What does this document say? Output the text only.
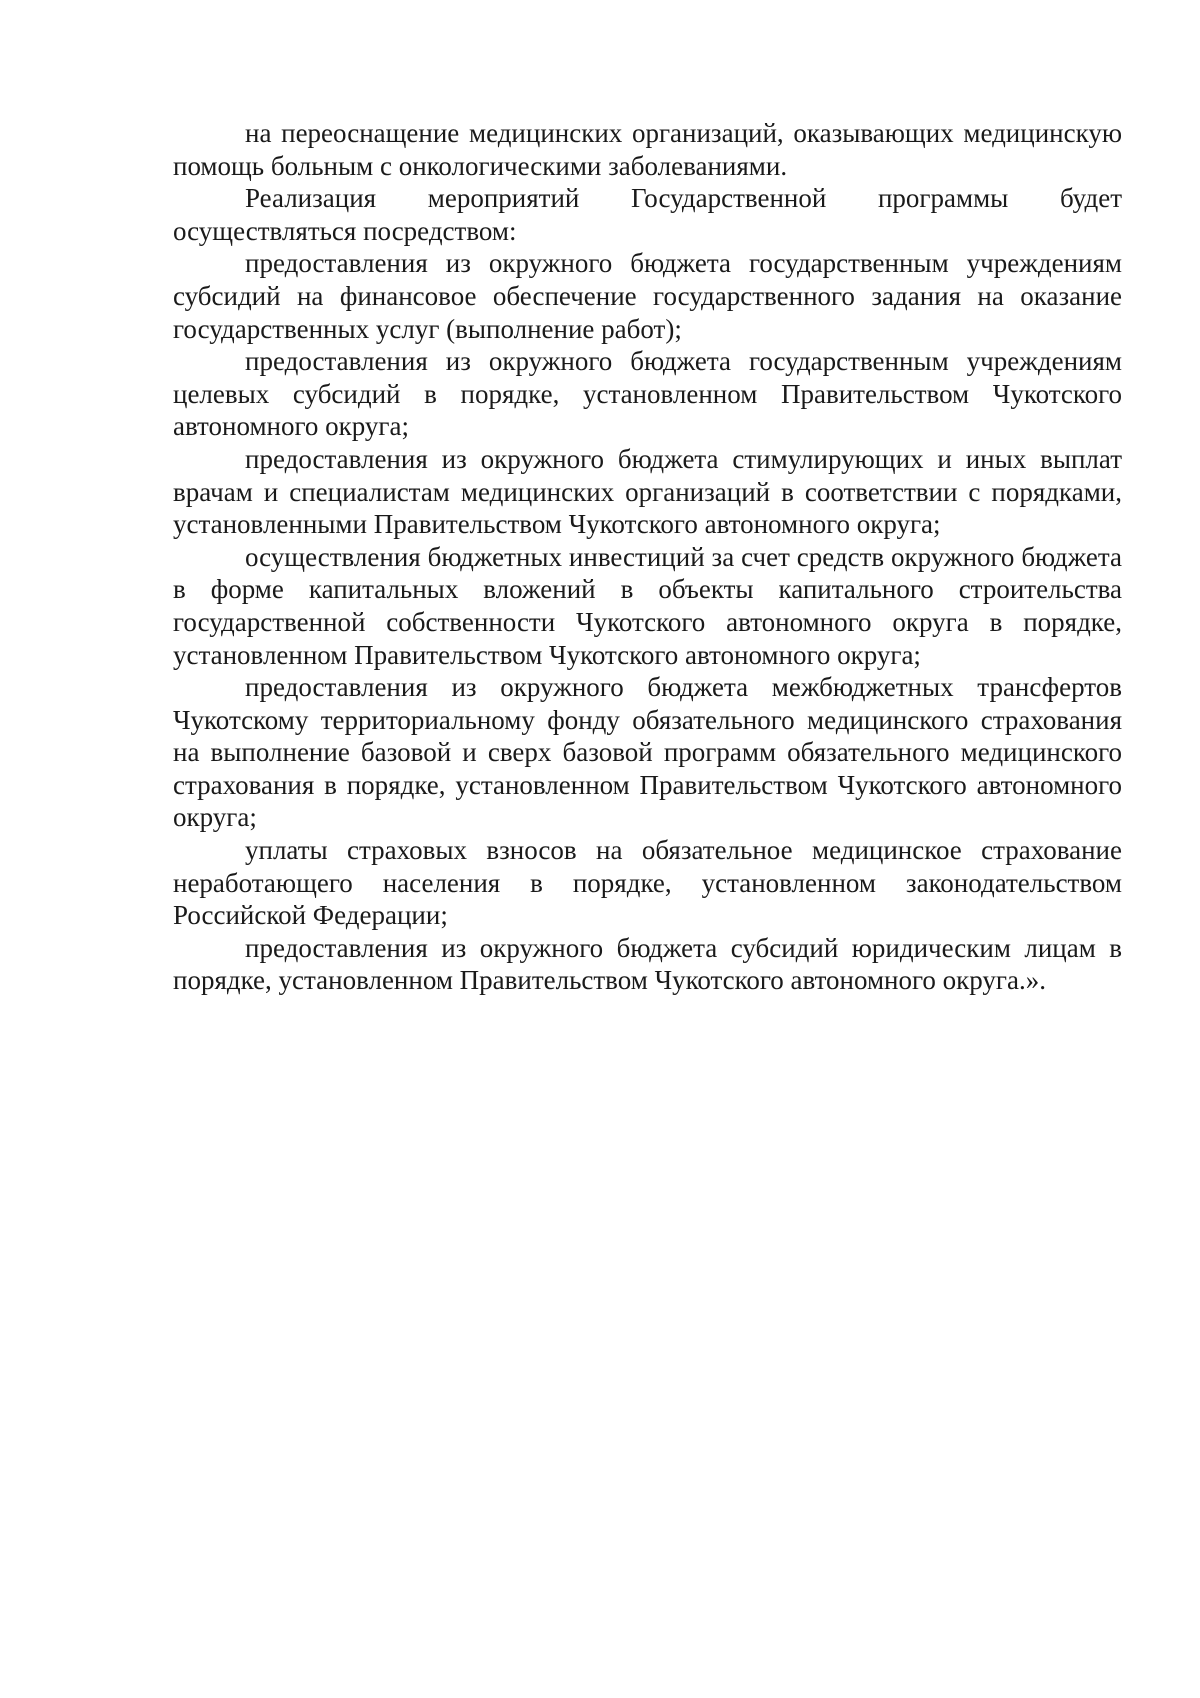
на переоснащение медицинских организаций, оказывающих медицинскую помощь больным с онкологическими заболеваниями.

Реализация мероприятий Государственной программы будет осуществляться посредством:

предоставления из окружного бюджета государственным учреждениям субсидий на финансовое обеспечение государственного задания на оказание государственных услуг (выполнение работ);

предоставления из окружного бюджета государственным учреждениям целевых субсидий в порядке, установленном Правительством Чукотского автономного округа;

предоставления из окружного бюджета стимулирующих и иных выплат врачам и специалистам медицинских организаций в соответствии с порядками, установленными Правительством Чукотского автономного округа;

осуществления бюджетных инвестиций за счет средств окружного бюджета в форме капитальных вложений в объекты капитального строительства государственной собственности Чукотского автономного округа в порядке, установленном Правительством Чукотского автономного округа;

предоставления из окружного бюджета межбюджетных трансфертов Чукотскому территориальному фонду обязательного медицинского страхования на выполнение базовой и сверх базовой программ обязательного медицинского страхования в порядке, установленном Правительством Чукотского автономного округа;

уплаты страховых взносов на обязательное медицинское страхование неработающего населения в порядке, установленном законодательством Российской Федерации;

предоставления из окружного бюджета субсидий юридическим лицам в порядке, установленном Правительством Чукотского автономного округа.».
